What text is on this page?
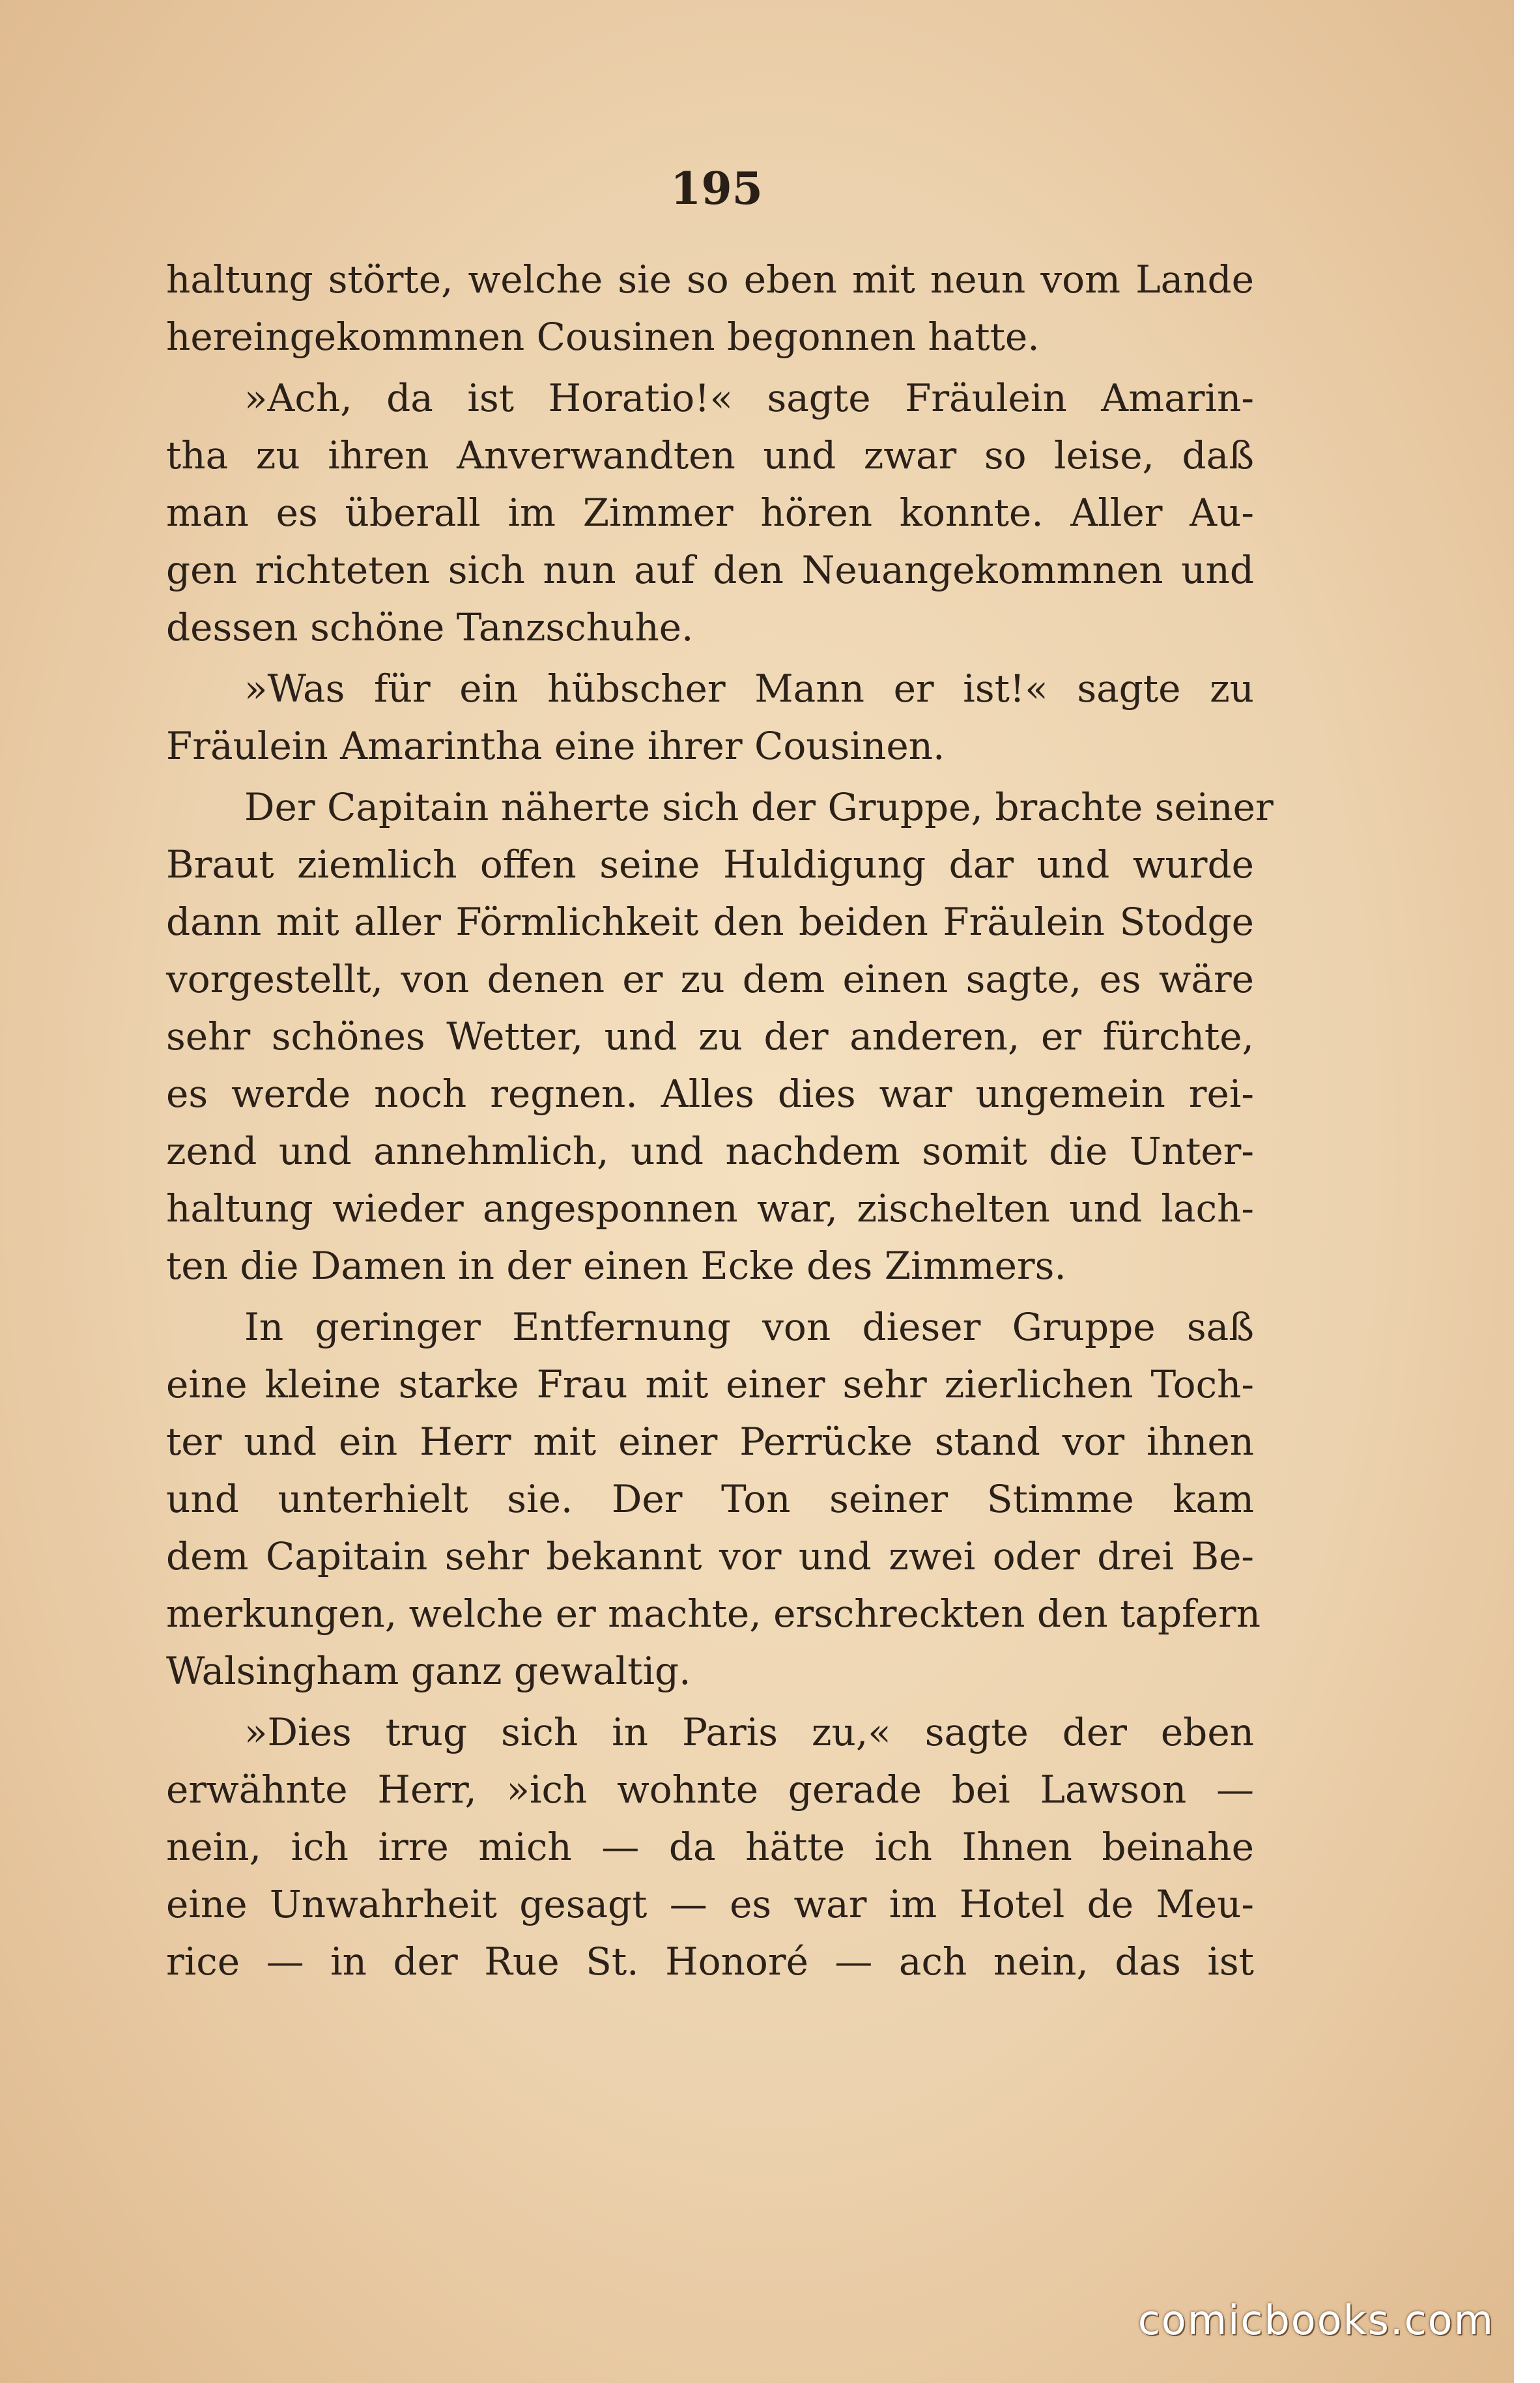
195
haltung störte, welche sie so eben mit neun vom Lande
hereingekommnen Cousinen begonnen hatte.
»Ach, da ist Horatio!« sagte Fräulein Amarin-
tha zu ihren Anverwandten und zwar so leise, daß
man es überall im Zimmer hören konnte. Aller Au-
gen richteten sich nun auf den Neuangekommnen und
dessen schöne Tanzschuhe.
»Was für ein hübscher Mann er ist!« sagte zu
Fräulein Amarintha eine ihrer Cousinen.
Der Capitain näherte sich der Gruppe, brachte seiner
Braut ziemlich offen seine Huldigung dar und wurde
dann mit aller Förmlichkeit den beiden Fräulein Stodge
vorgestellt, von denen er zu dem einen sagte, es wäre
sehr schönes Wetter, und zu der anderen, er fürchte,
es werde noch regnen. Alles dies war ungemein rei-
zend und annehmlich, und nachdem somit die Unter-
haltung wieder angesponnen war, zischelten und lach-
ten die Damen in der einen Ecke des Zimmers.
In geringer Entfernung von dieser Gruppe saß
eine kleine starke Frau mit einer sehr zierlichen Toch-
ter und ein Herr mit einer Perrücke stand vor ihnen
und unterhielt sie. Der Ton seiner Stimme kam
dem Capitain sehr bekannt vor und zwei oder drei Be-
merkungen, welche er machte, erschreckten den tapfern
Walsingham ganz gewaltig.
»Dies trug sich in Paris zu,« sagte der eben
erwähnte Herr, »ich wohnte gerade bei Lawson —
nein, ich irre mich — da hätte ich Ihnen beinahe
eine Unwahrheit gesagt — es war im Hotel de Meu-
rice — in der Rue St. Honoré — ach nein, das ist
comicbooks.com
